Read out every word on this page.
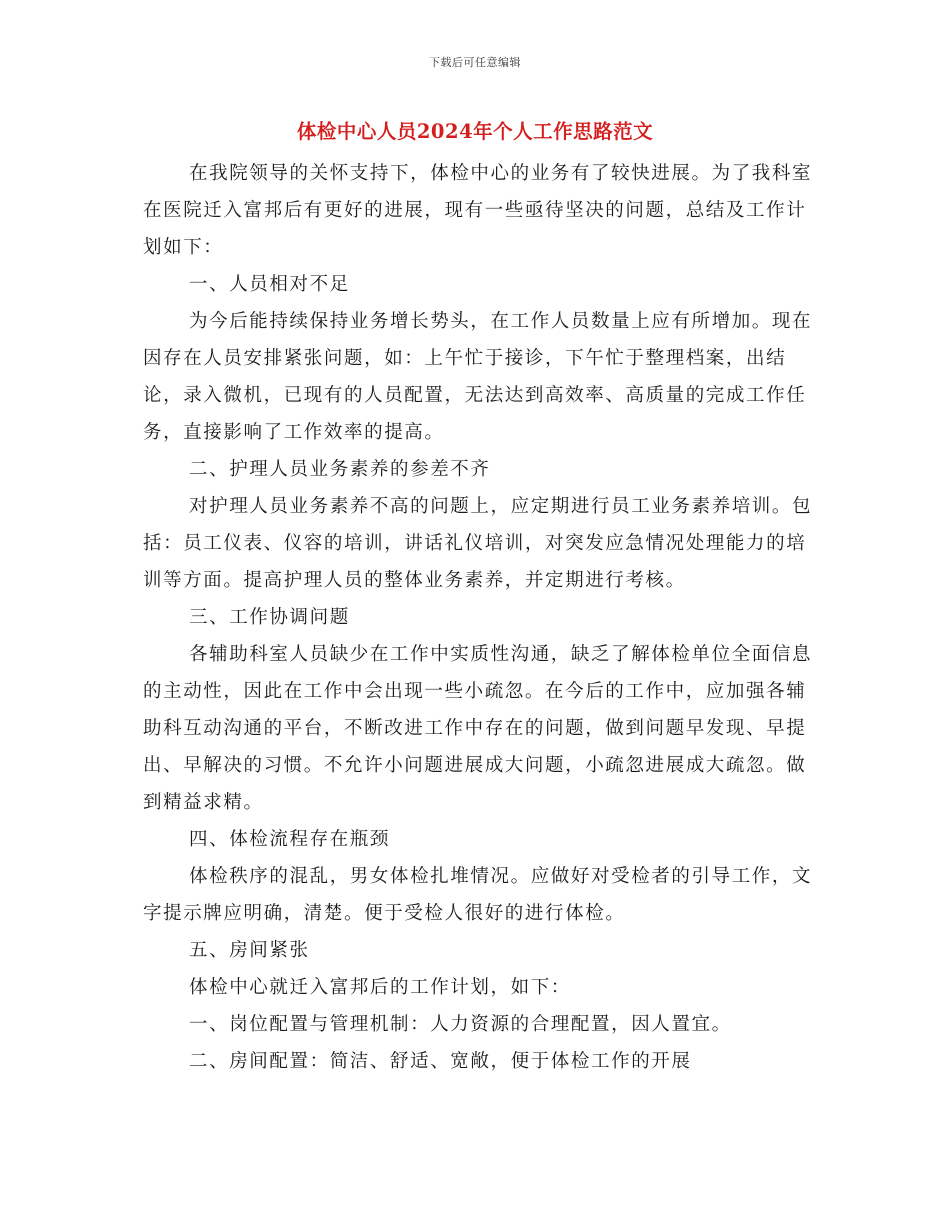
下载后可任意编辑
体检中心人员2024年个人工作思路范文

在我院领导的关怀支持下，体检中心的业务有了较快进展。为了我科室在医院迁入富邦后有更好的进展，现有一些亟待坚决的问题，总结及工作计划如下：

一、人员相对不足

为今后能持续保持业务增长势头，在工作人员数量上应有所增加。现在因存在人员安排紧张问题，如：上午忙于接诊，下午忙于整理档案，出结论，录入微机，已现有的人员配置，无法达到高效率、高质量的完成工作任务，直接影响了工作效率的提高。

二、护理人员业务素养的参差不齐

对护理人员业务素养不高的问题上，应定期进行员工业务素养培训。包括：员工仪表、仪容的培训，讲话礼仪培训，对突发应急情况处理能力的培训等方面。提高护理人员的整体业务素养，并定期进行考核。

三、工作协调问题

各辅助科室人员缺少在工作中实质性沟通，缺乏了解体检单位全面信息的主动性，因此在工作中会出现一些小疏忽。在今后的工作中，应加强各辅助科互动沟通的平台，不断改进工作中存在的问题，做到问题早发现、早提出、早解决的习惯。不允许小问题进展成大问题，小疏忽进展成大疏忽。做到精益求精。

四、体检流程存在瓶颈

体检秩序的混乱，男女体检扎堆情况。应做好对受检者的引导工作，文字提示牌应明确，清楚。便于受检人很好的进行体检。

五、房间紧张

体检中心就迁入富邦后的工作计划，如下：

一、岗位配置与管理机制：人力资源的合理配置，因人置宜。

二、房间配置：简洁、舒适、宽敞，便于体检工作的开展
